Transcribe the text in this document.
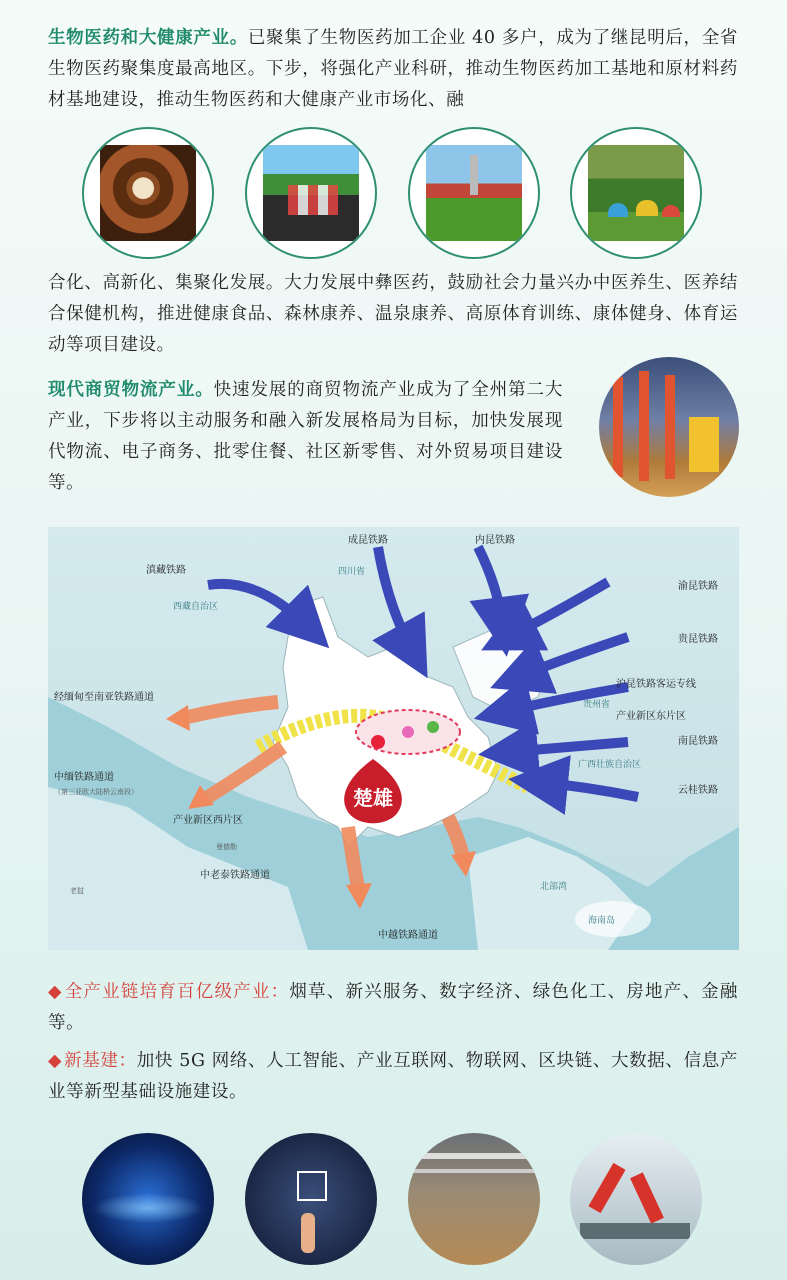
生物医药和大健康产业。已聚集了生物医药加工企业 40 多户，成为了继昆明后，全省生物医药聚集度最高地区。下步，将强化产业科研，推动生物医药加工基地和原材料药材基地建设，推动生物医药和大健康产业市场化、融
合化、高新化、集聚化发展。大力发展中彝医药，鼓励社会力量兴办中医养生、医养结合保健机构，推进健康食品、森林康养、温泉康养、高原体育训练、康体健身、体育运动等项目建设。
现代商贸物流产业。快速发展的商贸物流产业成为了全州第二大产业，下步将以主动服务和融入新发展格局为目标，加快发展现代物流、电子商务、批零住餐、社区新零售、对外贸易项目建设等。
楚雄
成昆铁路	内昆铁路
滇藏铁路
渝昆铁路
贵昆铁路
沪昆铁路客运专线
产业新区东片区
南昆铁路
云桂铁路
经缅甸至南亚铁路通道
中缅铁路通道
（第三亚欧大陆桥云南段）
产业新区西片区
中老泰铁路通道
中越铁路通道
四川省
西藏自治区
贵州省
广西壮族自治区
北部湾
海南岛
曼德勒
老挝
◆ 全产业链培育百亿级产业：烟草、新兴服务、数字经济、绿色化工、房地产、金融等。
◆ 新基建：加快 5G 网络、人工智能、产业互联网、物联网、区块链、大数据、信息产业等新型基础设施建设。
